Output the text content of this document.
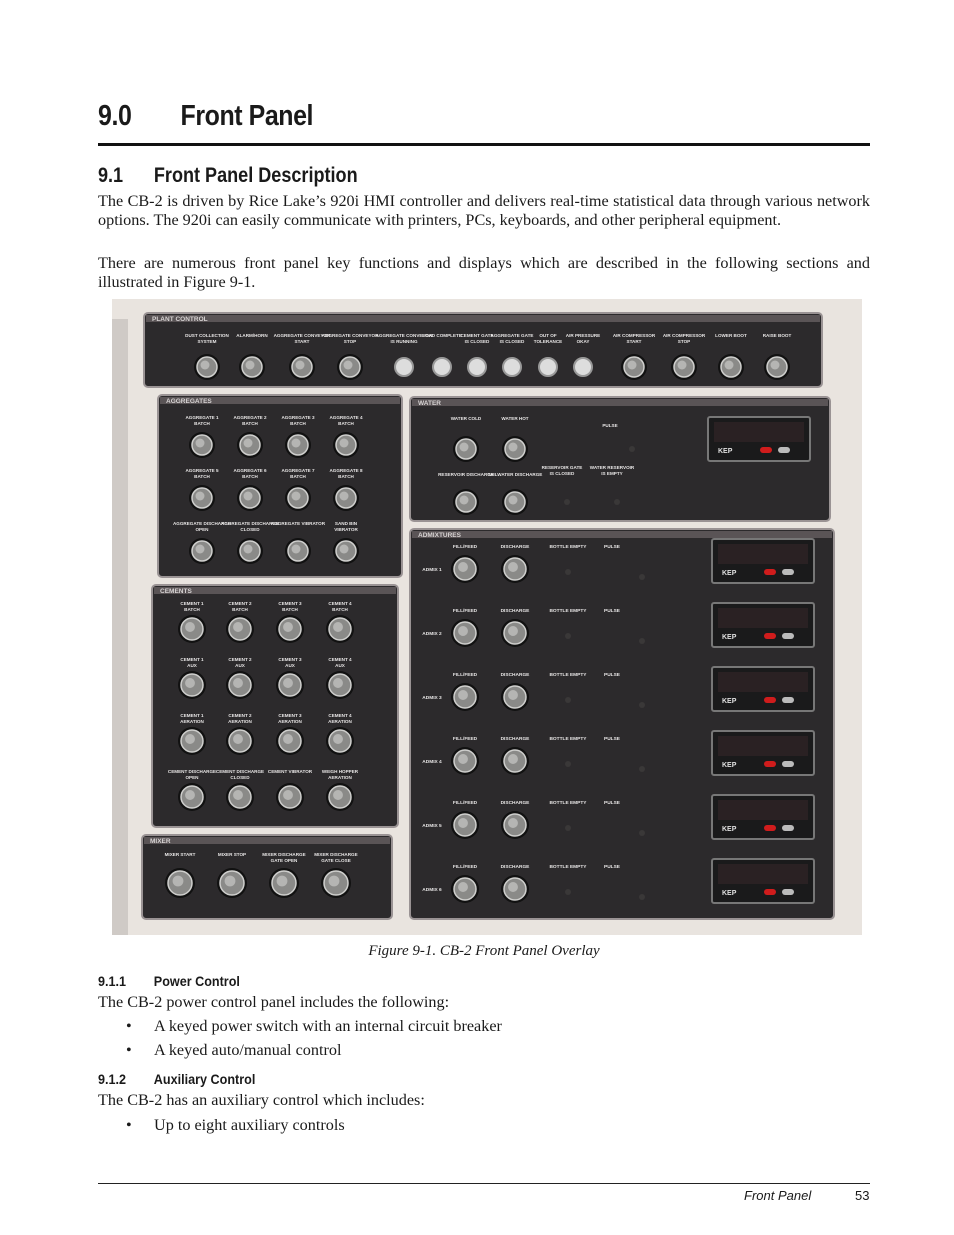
9.0 Front Panel
9.1 Front Panel Description
The CB-2 is driven by Rice Lake’s 920i HMI controller and delivers real-time statistical data through various network options. The 920i can easily communicate with printers, PCs, keyboards, and other peripheral equipment.
There are numerous front panel key functions and displays which are described in the following sections and illustrated in Figure 9-1.
PLANT CONTROL
DUST COLLECTION
SYSTEM
ALARM/HORN AGGREGATE CONVEYOR
START
AGGREGATE CONVEYOR
STOP
AGGREGATE CONVEYOR
IS RUNNING
LOAD COMPLETE
CEMENT GATE
IS CLOSED
AGGREGATE GATE
IS CLOSED
OUT OF
TOLERANCE
AIR PRESSURE
OKAY
AIR COMPRESSOR
START
AIR COMPRESSOR
STOP
LOWER BOOT	RAISE BOOT
AGGREGATES
AGGREGATE 1
BATCH
AGGREGATE 2
BATCH
AGGREGATE 3
BATCH
AGGREGATE 4
BATCH
AGGREGATE 5
BATCH
AGGREGATE 6
BATCH
AGGREGATE 7
BATCH
AGGREGATE 8
BATCH
AGGREGATE DISCHARGE
OPEN
AGGREGATE DISCHARGE
CLOSED
AGGREGATE VIBRATOR SAND BIN
VIBRATOR
CEMENTS
CEMENT 1
BATCH
CEMENT 2
BATCH
CEMENT 3
BATCH
CEMENT 4
BATCH
CEMENT 1
AUX
CEMENT 2
AUX
CEMENT 3
AUX
CEMENT 4
AUX
CEMENT 1
AERATION
CEMENT 2
AERATION
CEMENT 3
AERATION
CEMENT 4
AERATION
CEMENT DISCHARGE
OPEN
CEMENT DISCHARGE
CLOSED
CEMENT VIBRATOR WEIGH HOPPER
AERATION
MIXER
MIXER START	MIXER STOP	MIXER DISCHARGE
GATE OPEN
MIXER DISCHARGE
GATE CLOSE
WATER
WATER COLD	WATER HOT
PULSE
RESERVOIR DISCHARGE
TAILWATER DISCHARGE
RESERVOIR GATE
IS CLOSED
WATER RESERVOIR
IS EMPTY
KEP
ADMIXTURES
FILL/FEED	DISCHARGE	BOTTLE EMPTY	PULSE
ADMIX 1	KEP
FILL/FEED	DISCHARGE	BOTTLE EMPTY	PULSE
ADMIX 2	KEP
FILL/FEED	DISCHARGE	BOTTLE EMPTY	PULSE
ADMIX 3	KEP
FILL/FEED	DISCHARGE	BOTTLE EMPTY	PULSE
ADMIX 4	KEP
FILL/FEED	DISCHARGE	BOTTLE EMPTY	PULSE
ADMIX 5	KEP
FILL/FEED	DISCHARGE	BOTTLE EMPTY	PULSE
ADMIX 6	KEP
Figure 9-1. CB-2 Front Panel Overlay
9.1.1 Power Control
The CB-2 power control panel includes the following:
• A keyed power switch with an internal circuit breaker
• A keyed auto/manual control
9.1.2 Auxiliary Control
The CB-2 has an auxiliary control which includes:
• Up to eight auxiliary controls
Front Panel	53
